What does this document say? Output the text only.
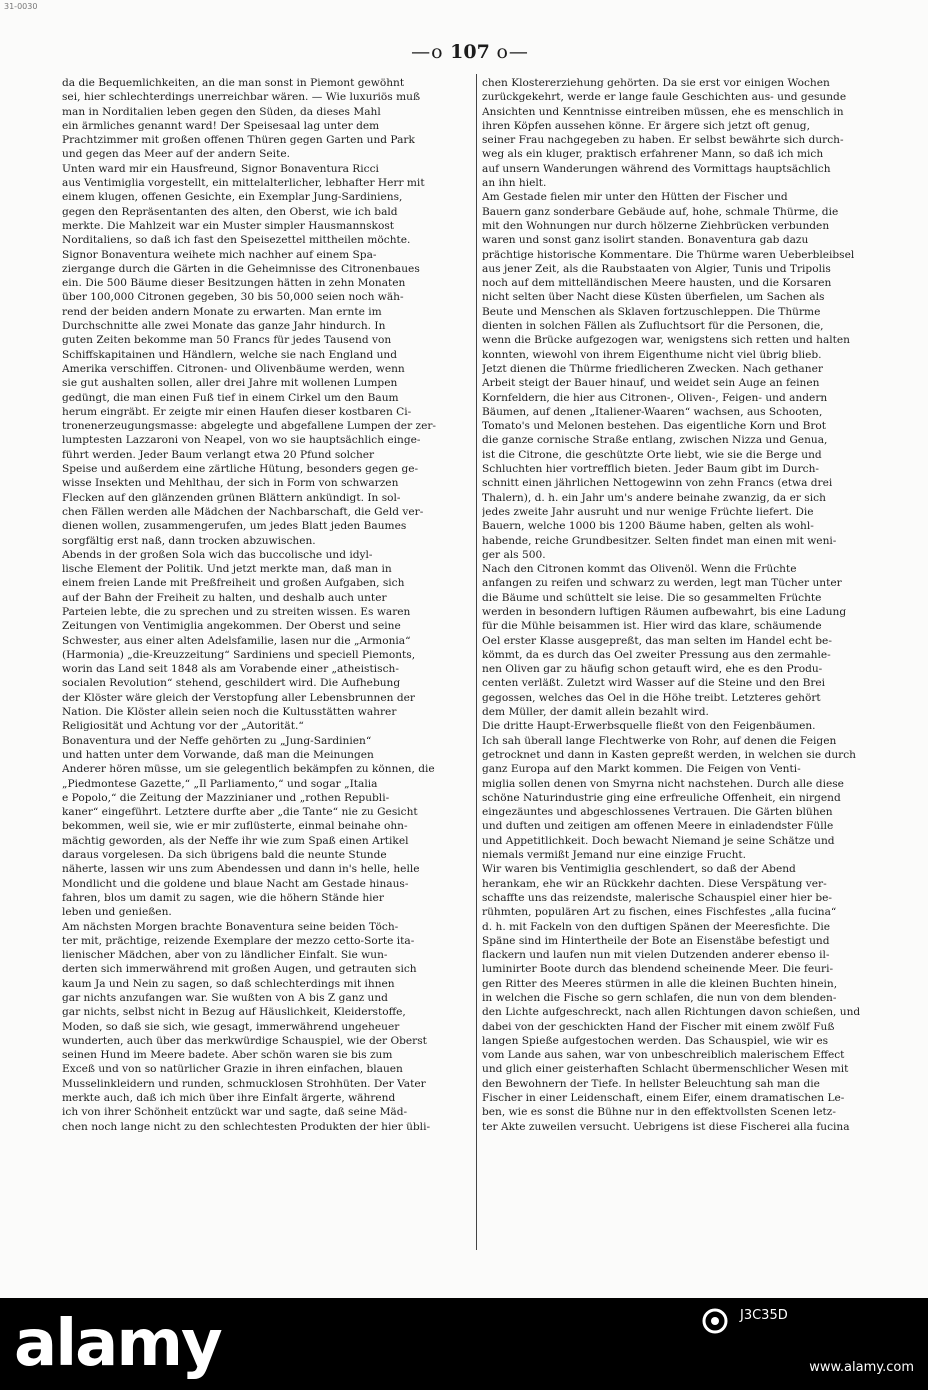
31-0030
—o 107 o—
da die Bequemlichkeiten, an die man sonst in Piemont gewöhnt
sei, hier schlechterdings unerreichbar wären. — Wie luxuriös muß
man in Norditalien leben gegen den Süden, da dieses Mahl
ein ärmliches genannt ward! Der Speisesaal lag unter dem
Prachtzimmer mit großen offenen Thüren gegen Garten und Park
und gegen das Meer auf der andern Seite.
Unten ward mir ein Hausfreund, Signor Bonaventura Ricci
aus Ventimiglia vorgestellt, ein mittelalterlicher, lebhafter Herr mit
einem klugen, offenen Gesichte, ein Exemplar Jung-Sardiniens,
gegen den Repräsentanten des alten, den Oberst, wie ich bald
merkte. Die Mahlzeit war ein Muster simpler Hausmannskost
Norditaliens, so daß ich fast den Speisezettel mittheilen möchte.
Signor Bonaventura weihete mich nachher auf einem Spa-
ziergange durch die Gärten in die Geheimnisse des Citronenbaues
ein. Die 500 Bäume dieser Besitzungen hätten in zehn Monaten
über 100,000 Citronen gegeben, 30 bis 50,000 seien noch wäh-
rend der beiden andern Monate zu erwarten. Man ernte im
Durchschnitte alle zwei Monate das ganze Jahr hindurch. In
guten Zeiten bekomme man 50 Francs für jedes Tausend von
Schiffskapitainen und Händlern, welche sie nach England und
Amerika verschiffen. Citronen- und Olivenbäume werden, wenn
sie gut aushalten sollen, aller drei Jahre mit wollenen Lumpen
gedüngt, die man einen Fuß tief in einem Cirkel um den Baum
herum eingräbt. Er zeigte mir einen Haufen dieser kostbaren Ci-
tronenerzeugungsmasse: abgelegte und abgefallene Lumpen der zer-
lumptesten Lazzaroni von Neapel, von wo sie hauptsächlich einge-
führt werden. Jeder Baum verlangt etwa 20 Pfund solcher
Speise und außerdem eine zärtliche Hütung, besonders gegen ge-
wisse Insekten und Mehlthau, der sich in Form von schwarzen
Flecken auf den glänzenden grünen Blättern ankündigt. In sol-
chen Fällen werden alle Mädchen der Nachbarschaft, die Geld ver-
dienen wollen, zusammengerufen, um jedes Blatt jeden Baumes
sorgfältig erst naß, dann trocken abzuwischen.
Abends in der großen Sola wich das buccolische und idyl-
lische Element der Politik. Und jetzt merkte man, daß man in
einem freien Lande mit Preßfreiheit und großen Aufgaben, sich
auf der Bahn der Freiheit zu halten, und deshalb auch unter
Parteien lebte, die zu sprechen und zu streiten wissen. Es waren
Zeitungen von Ventimiglia angekommen. Der Oberst und seine
Schwester, aus einer alten Adelsfamilie, lasen nur die „Armonia“
(Harmonia) „die-Kreuzzeitung“ Sardiniens und speciell Piemonts,
worin das Land seit 1848 als am Vorabende einer „atheistisch-
socialen Revolution“ stehend, geschildert wird. Die Aufhebung
der Klöster wäre gleich der Verstopfung aller Lebensbrunnen der
Nation. Die Klöster allein seien noch die Kultusstätten wahrer
Religiosität und Achtung vor der „Autorität.“
Bonaventura und der Neffe gehörten zu „Jung-Sardinien“
und hatten unter dem Vorwande, daß man die Meinungen
Anderer hören müsse, um sie gelegentlich bekämpfen zu können, die
„Piedmontese Gazette,“ „Il Parliamento,“ und sogar „Italia
e Popolo,“ die Zeitung der Mazzinianer und „rothen Republi-
kaner“ eingeführt. Letztere durfte aber „die Tante“ nie zu Gesicht
bekommen, weil sie, wie er mir zuflüsterte, einmal beinahe ohn-
mächtig geworden, als der Neffe ihr wie zum Spaß einen Artikel
daraus vorgelesen. Da sich übrigens bald die neunte Stunde
näherte, lassen wir uns zum Abendessen und dann in's helle, helle
Mondlicht und die goldene und blaue Nacht am Gestade hinaus-
fahren, blos um damit zu sagen, wie die höhern Stände hier
leben und genießen.
Am nächsten Morgen brachte Bonaventura seine beiden Töch-
ter mit, prächtige, reizende Exemplare der mezzo cetto-Sorte ita-
lienischer Mädchen, aber von zu ländlicher Einfalt. Sie wun-
derten sich immerwährend mit großen Augen, und getrauten sich
kaum Ja und Nein zu sagen, so daß schlechterdings mit ihnen
gar nichts anzufangen war. Sie wußten von A bis Z ganz und
gar nichts, selbst nicht in Bezug auf Häuslichkeit, Kleiderstoffe,
Moden, so daß sie sich, wie gesagt, immerwährend ungeheuer
wunderten, auch über das merkwürdige Schauspiel, wie der Oberst
seinen Hund im Meere badete. Aber schön waren sie bis zum
Exceß und von so natürlicher Grazie in ihren einfachen, blauen
Musselinkleidern und runden, schmucklosen Strohhüten. Der Vater
merkte auch, daß ich mich über ihre Einfalt ärgerte, während
ich von ihrer Schönheit entzückt war und sagte, daß seine Mäd-
chen noch lange nicht zu den schlechtesten Produkten der hier übli-
chen Klostererziehung gehörten. Da sie erst vor einigen Wochen
zurückgekehrt, werde er lange faule Geschichten aus- und gesunde
Ansichten und Kenntnisse eintreiben müssen, ehe es menschlich in
ihren Köpfen aussehen könne. Er ärgere sich jetzt oft genug,
seiner Frau nachgegeben zu haben. Er selbst bewährte sich durch-
weg als ein kluger, praktisch erfahrener Mann, so daß ich mich
auf unsern Wanderungen während des Vormittags hauptsächlich
an ihn hielt.
Am Gestade fielen mir unter den Hütten der Fischer und
Bauern ganz sonderbare Gebäude auf, hohe, schmale Thürme, die
mit den Wohnungen nur durch hölzerne Ziehbrücken verbunden
waren und sonst ganz isolirt standen. Bonaventura gab dazu
prächtige historische Kommentare. Die Thürme waren Ueberbleibsel
aus jener Zeit, als die Raubstaaten von Algier, Tunis und Tripolis
noch auf dem mittelländischen Meere hausten, und die Korsaren
nicht selten über Nacht diese Küsten überfielen, um Sachen als
Beute und Menschen als Sklaven fortzuschleppen. Die Thürme
dienten in solchen Fällen als Zufluchtsort für die Personen, die,
wenn die Brücke aufgezogen war, wenigstens sich retten und halten
konnten, wiewohl von ihrem Eigenthume nicht viel übrig blieb.
Jetzt dienen die Thürme friedlicheren Zwecken. Nach gethaner
Arbeit steigt der Bauer hinauf, und weidet sein Auge an feinen
Kornfeldern, die hier aus Citronen-, Oliven-, Feigen- und andern
Bäumen, auf denen „Italiener-Waaren“ wachsen, aus Schooten,
Tomato's und Melonen bestehen. Das eigentliche Korn und Brot
die ganze cornische Straße entlang, zwischen Nizza und Genua,
ist die Citrone, die geschützte Orte liebt, wie sie die Berge und
Schluchten hier vortrefflich bieten. Jeder Baum gibt im Durch-
schnitt einen jährlichen Nettogewinn von zehn Francs (etwa drei
Thalern), d. h. ein Jahr um's andere beinahe zwanzig, da er sich
jedes zweite Jahr ausruht und nur wenige Früchte liefert. Die
Bauern, welche 1000 bis 1200 Bäume haben, gelten als wohl-
habende, reiche Grundbesitzer. Selten findet man einen mit weni-
ger als 500.
Nach den Citronen kommt das Olivenöl. Wenn die Früchte
anfangen zu reifen und schwarz zu werden, legt man Tücher unter
die Bäume und schüttelt sie leise. Die so gesammelten Früchte
werden in besondern luftigen Räumen aufbewahrt, bis eine Ladung
für die Mühle beisammen ist. Hier wird das klare, schäumende
Oel erster Klasse ausgepreßt, das man selten im Handel echt be-
kömmt, da es durch das Oel zweiter Pressung aus den zermahle-
nen Oliven gar zu häufig schon getauft wird, ehe es den Produ-
centen verläßt. Zuletzt wird Wasser auf die Steine und den Brei
gegossen, welches das Oel in die Höhe treibt. Letzteres gehört
dem Müller, der damit allein bezahlt wird.
Die dritte Haupt-Erwerbsquelle fließt von den Feigenbäumen.
Ich sah überall lange Flechtwerke von Rohr, auf denen die Feigen
getrocknet und dann in Kasten gepreßt werden, in welchen sie durch
ganz Europa auf den Markt kommen. Die Feigen von Venti-
miglia sollen denen von Smyrna nicht nachstehen. Durch alle diese
schöne Naturindustrie ging eine erfreuliche Offenheit, ein nirgend
eingezäuntes und abgeschlossenes Vertrauen. Die Gärten blühen
und duften und zeitigen am offenen Meere in einladendster Fülle
und Appetitlichkeit. Doch bewacht Niemand je seine Schätze und
niemals vermißt Jemand nur eine einzige Frucht.
Wir waren bis Ventimiglia geschlendert, so daß der Abend
herankam, ehe wir an Rückkehr dachten. Diese Verspätung ver-
schaffte uns das reizendste, malerische Schauspiel einer hier be-
rühmten, populären Art zu fischen, eines Fischfestes „alla fucina“
d. h. mit Fackeln von den duftigen Spänen der Meeresfichte. Die
Späne sind im Hintertheile der Bote an Eisenstäbe befestigt und
flackern und laufen nun mit vielen Dutzenden anderer ebenso il-
luminirter Boote durch das blendend scheinende Meer. Die feuri-
gen Ritter des Meeres stürmen in alle die kleinen Buchten hinein,
in welchen die Fische so gern schlafen, die nun von dem blenden-
den Lichte aufgeschreckt, nach allen Richtungen davon schießen, und
dabei von der geschickten Hand der Fischer mit einem zwölf Fuß
langen Spieße aufgestochen werden. Das Schauspiel, wie wir es
vom Lande aus sahen, war von unbeschreiblich malerischem Effect
und glich einer geisterhaften Schlacht übermenschlicher Wesen mit
den Bewohnern der Tiefe. In hellster Beleuchtung sah man die
Fischer in einer Leidenschaft, einem Eifer, einem dramatischen Le-
ben, wie es sonst die Bühne nur in den effektvollsten Scenen letz-
ter Akte zuweilen versucht. Uebrigens ist diese Fischerei alla fucina
alamy	J3C35D
www.alamy.com
